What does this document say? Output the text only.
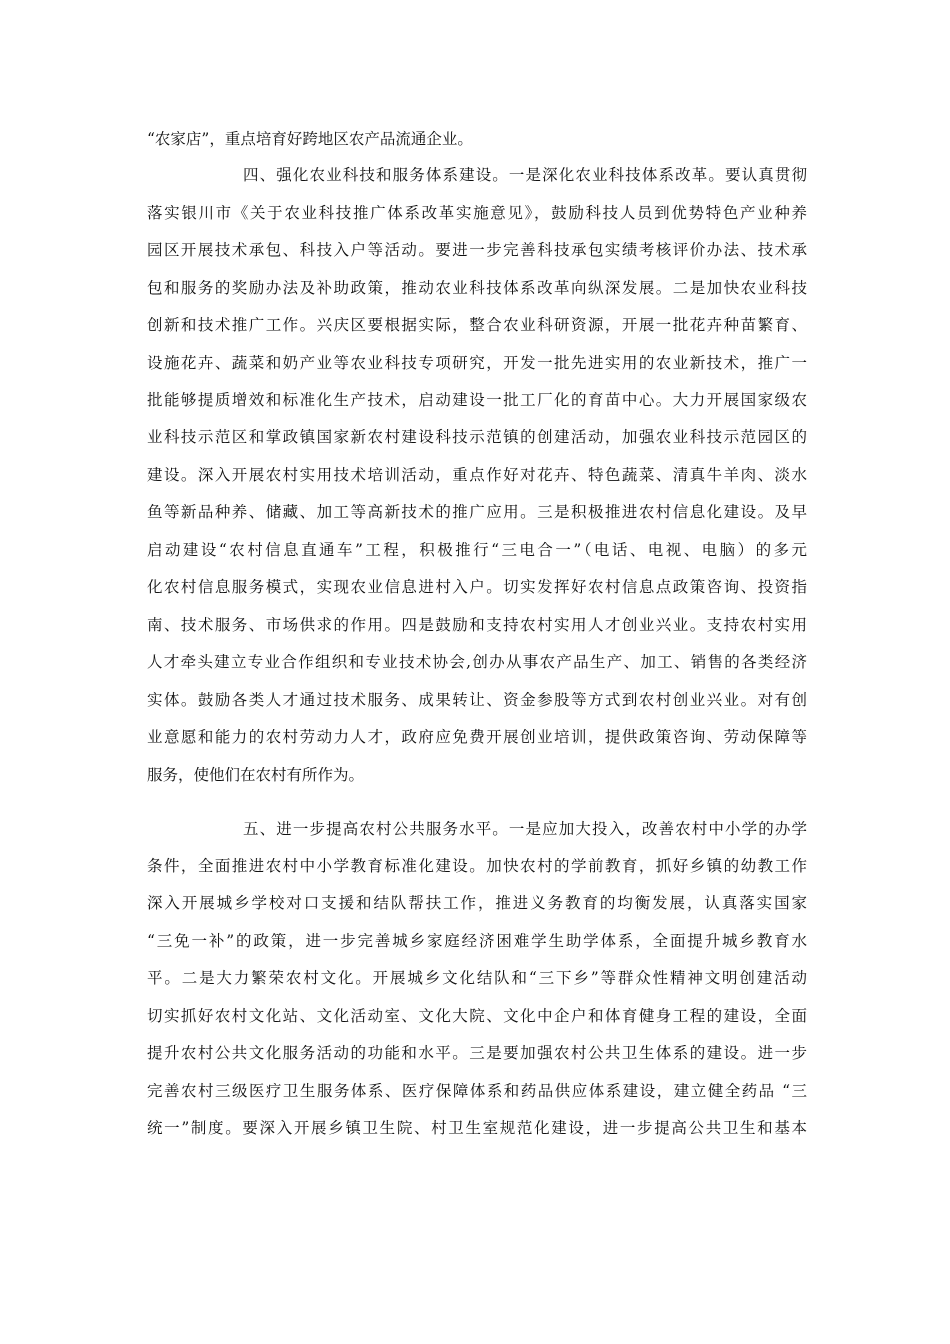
“农家店”，重点培育好跨地区农产品流通企业。
四、强化农业科技和服务体系建设。一是深化农业科技体系改革。要认真贯彻
落实银川市《关于农业科技推广体系改革实施意见》，鼓励科技人员到优势特色产业种养
园区开展技术承包、科技入户等活动。要进一步完善科技承包实绩考核评价办法、技术承
包和服务的奖励办法及补助政策，推动农业科技体系改革向纵深发展。二是加快农业科技
创新和技术推广工作。兴庆区要根据实际，整合农业科研资源，开展一批花卉种苗繁育、
设施花卉、蔬菜和奶产业等农业科技专项研究，开发一批先进实用的农业新技术，推广一
批能够提质增效和标准化生产技术，启动建设一批工厂化的育苗中心。大力开展国家级农
业科技示范区和掌政镇国家新农村建设科技示范镇的创建活动，加强农业科技示范园区的
建设。深入开展农村实用技术培训活动，重点作好对花卉、特色蔬菜、清真牛羊肉、淡水
鱼等新品种养、储藏、加工等高新技术的推广应用。三是积极推进农村信息化建设。及早
启动建设“农村信息直通车”工程，积极推行“三电合一”（电话、电视、电脑）的多元
化农村信息服务模式，实现农业信息进村入户。切实发挥好农村信息点政策咨询、投资指
南、技术服务、市场供求的作用。四是鼓励和支持农村实用人才创业兴业。支持农村实用
人才牵头建立专业合作组织和专业技术协会,创办从事农产品生产、加工、销售的各类经济
实体。鼓励各类人才通过技术服务、成果转让、资金参股等方式到农村创业兴业。对有创
业意愿和能力的农村劳动力人才，政府应免费开展创业培训，提供政策咨询、劳动保障等
服务，使他们在农村有所作为。
五、进一步提高农村公共服务水平。一是应加大投入，改善农村中小学的办学
条件，全面推进农村中小学教育标准化建设。加快农村的学前教育，抓好乡镇的幼教工作
深入开展城乡学校对口支援和结队帮扶工作，推进义务教育的均衡发展，认真落实国家
“三免一补”的政策，进一步完善城乡家庭经济困难学生助学体系，全面提升城乡教育水
平。二是大力繁荣农村文化。开展城乡文化结队和“三下乡”等群众性精神文明创建活动
切实抓好农村文化站、文化活动室、文化大院、文化中企户和体育健身工程的建设，全面
提升农村公共文化服务活动的功能和水平。三是要加强农村公共卫生体系的建设。进一步
完善农村三级医疗卫生服务体系、医疗保障体系和药品供应体系建设，建立健全药品 “三
统一”制度。要深入开展乡镇卫生院、村卫生室规范化建设，进一步提高公共卫生和基本
